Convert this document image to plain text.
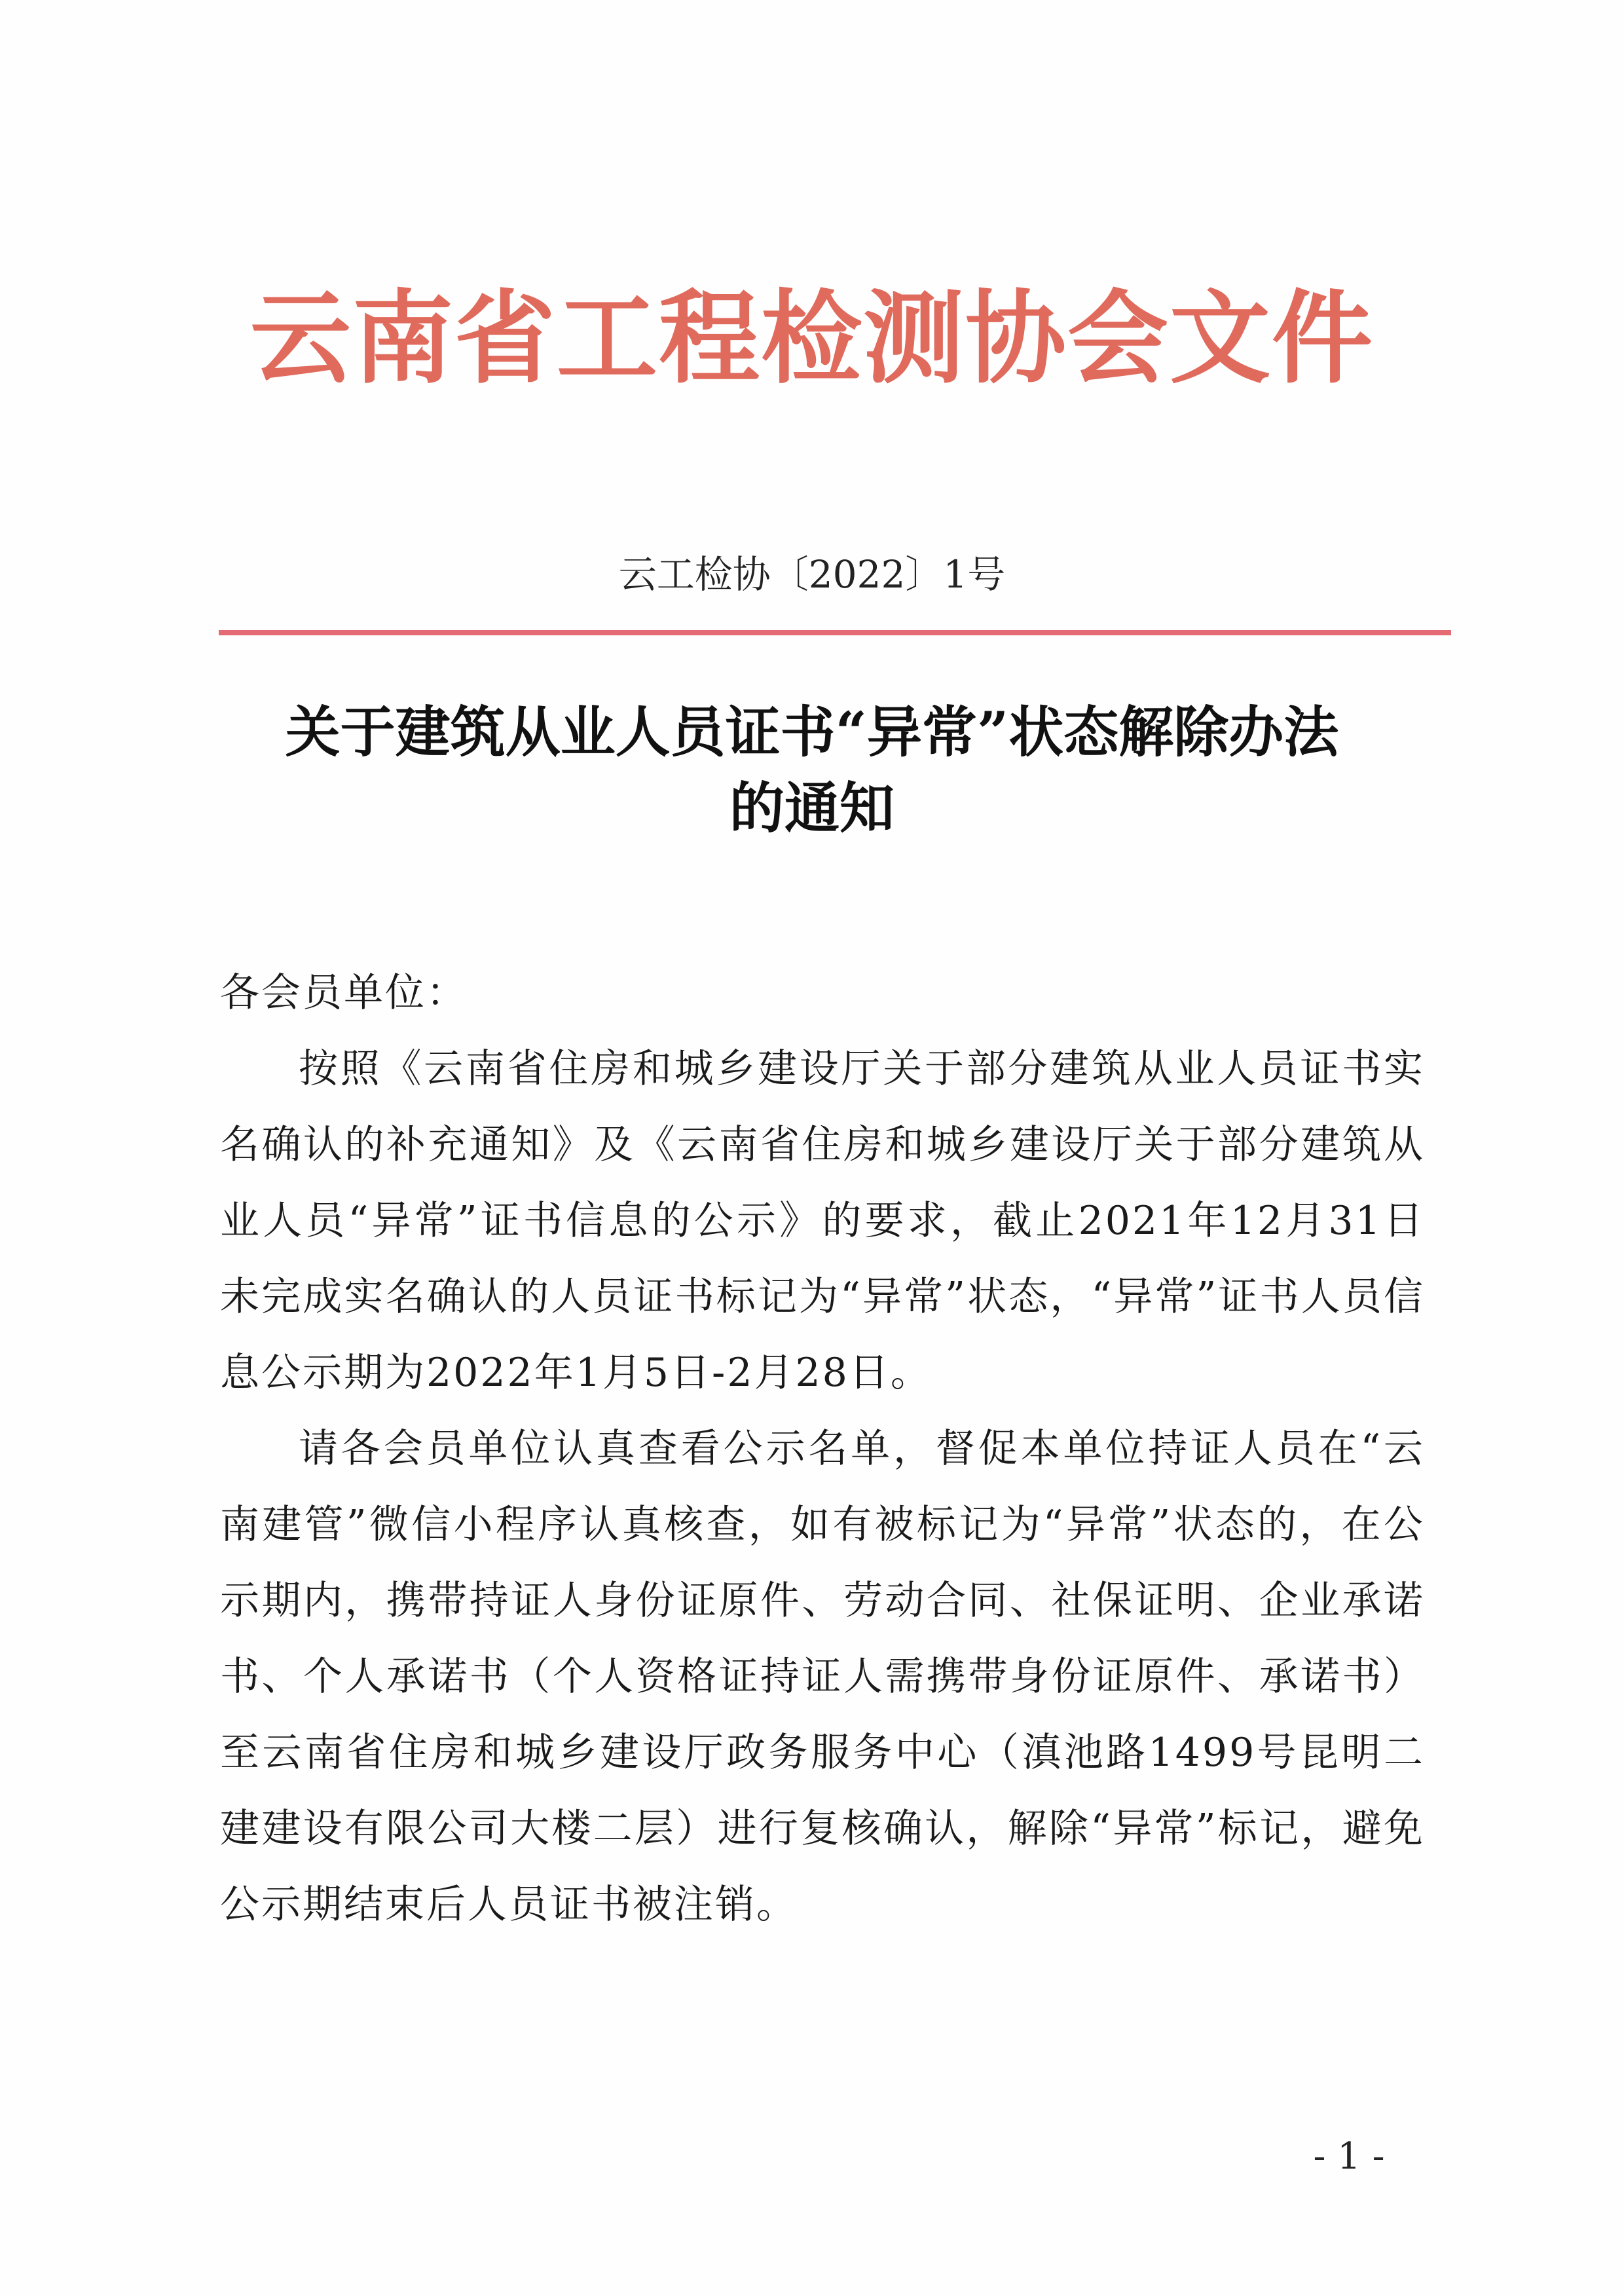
云南省工程检测协会文件
云工检协〔2022〕1号
关于建筑从业人员证书“异常”状态解除办法
的通知

各会员单位：

按照《云南省住房和城乡建设厅关于部分建筑从业人员证书实名确认的补充通知》及《云南省住房和城乡建设厅关于部分建筑从业人员“异常”证书信息的公示》的要求，截止2021年12月31日未完成实名确认的人员证书标记为“异常”状态，“异常”证书人员信息公示期为2022年1月5日-2月28日。

请各会员单位认真查看公示名单，督促本单位持证人员在“云南建管”微信小程序认真核查，如有被标记为“异常”状态的，在公示期内，携带持证人身份证原件、劳动合同、社保证明、企业承诺书、个人承诺书（个人资格证持证人需携带身份证原件、承诺书）至云南省住房和城乡建设厅政务服务中心（滇池路1499号昆明二建建设有限公司大楼二层）进行复核确认，解除“异常”标记，避免公示期结束后人员证书被注销。

- 1 -
